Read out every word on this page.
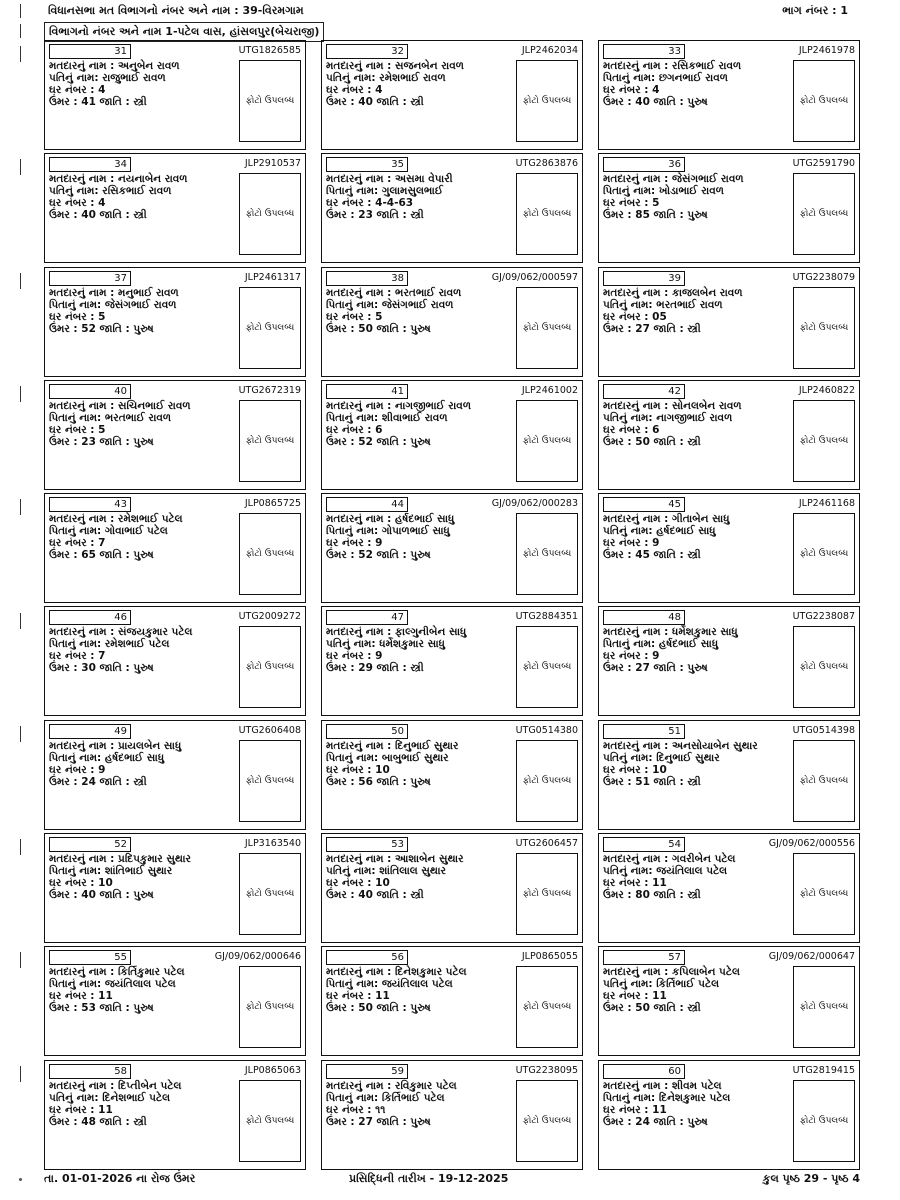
વિધાનસભા મત વિભાગનો નંબર અને નામ : 39-વિરમગામ	ભાગ નંબર : 1
વિભાગનો નંબર અને નામ 1-પટેલ વાસ, હાંસલપુર(બેચરાજી)
31	UTG1826585
મતદારનું નામ : અનુબેન રાવળ
પતિનું નામ: રાજુભાઈ રાવળ
ઘર નંબર : 4
ઉંમર : 41 જાતિ : સ્ત્રી	ફોટો ઉપલબ્ધ
32	JLP2462034
મતદારનું નામ : સજનબેન રાવળ
પતિનું નામ: રમેશભાઈ રાવળ
ઘર નંબર : 4
ઉંમર : 40 જાતિ : સ્ત્રી	ફોટો ઉપલબ્ધ
33	JLP2461978
મતદારનું નામ : રસિકભાઈ રાવળ
પિતાનું નામ: છગનભાઈ રાવળ
ઘર નંબર : 4
ઉંમર : 40 જાતિ : પુરુષ	ફોટો ઉપલબ્ધ
34	JLP2910537
મતદારનું નામ : નયનાબેન રાવળ
પતિનું નામ: રસિકભાઈ રાવળ
ઘર નંબર : 4
ઉંમર : 40 જાતિ : સ્ત્રી	ફોટો ઉપલબ્ધ
35	UTG2863876
મતદારનું નામ : અસમા વેપારી
પિતાનું નામ: ગુલામસુલભાઈ
ઘર નંબર : 4-4-63
ઉંમર : 23 જાતિ : સ્ત્રી	ફોટો ઉપલબ્ધ
36	UTG2591790
મતદારનું નામ : જેસંગભાઈ રાવળ
પિતાનું નામ: ખોડાભાઈ રાવળ
ઘર નંબર : 5
ઉંમર : 85 જાતિ : પુરુષ	ફોટો ઉપલબ્ધ
37	JLP2461317
મતદારનું નામ : મનુભાઈ રાવળ
પિતાનું નામ: જેસંગભાઈ રાવળ
ઘર નંબર : 5
ઉંમર : 52 જાતિ : પુરુષ	ફોટો ઉપલબ્ધ
38	GJ/09/062/000597
મતદારનું નામ : ભરતભાઈ રાવળ
પિતાનું નામ: જેસંગભાઈ રાવળ
ઘર નંબર : 5
ઉંમર : 50 જાતિ : પુરુષ	ફોટો ઉપલબ્ધ
39	UTG2238079
મતદારનું નામ : કાજલબેન રાવળ
પતિનું નામ: ભરતભાઈ રાવળ
ઘર નંબર : 05
ઉંમર : 27 જાતિ : સ્ત્રી	ફોટો ઉપલબ્ધ
40	UTG2672319
મતદારનું નામ : સચિનભાઈ રાવળ
પિતાનું નામ: ભરતભાઈ રાવળ
ઘર નંબર : 5
ઉંમર : 23 જાતિ : પુરુષ	ફોટો ઉપલબ્ધ
41	JLP2461002
મતદારનું નામ : નાગજીભાઈ રાવળ
પિતાનું નામ: શીવાભાઈ રાવળ
ઘર નંબર : 6
ઉંમર : 52 જાતિ : પુરુષ	ફોટો ઉપલબ્ધ
42	JLP2460822
મતદારનું નામ : સોનલબેન રાવળ
પતિનું નામ: નાગજીભાઈ રાવળ
ઘર નંબર : 6
ઉંમર : 50 જાતિ : સ્ત્રી	ફોટો ઉપલબ્ધ
43	JLP0865725
મતદારનું નામ : રમેશભાઈ પટેલ
પિતાનું નામ: ગોવાભાઈ પટેલ
ઘર નંબર : 7
ઉંમર : 65 જાતિ : પુરુષ	ફોટો ઉપલબ્ધ
44	GJ/09/062/000283
મતદારનું નામ : હર્ષદભાઈ સાધુ
પિતાનું નામ: ગોપાળભાઈ સાધુ
ઘર નંબર : 9
ઉંમર : 52 જાતિ : પુરુષ	ફોટો ઉપલબ્ધ
45	JLP2461168
મતદારનું નામ : ગીતાબેન સાધુ
પતિનું નામ: હર્ષદભાઈ સાધુ
ઘર નંબર : 9
ઉંમર : 45 જાતિ : સ્ત્રી	ફોટો ઉપલબ્ધ
46	UTG2009272
મતદારનું નામ : સંજયકુમાર પટેલ
પિતાનું નામ: રમેશભાઈ પટેલ
ઘર નંબર : 7
ઉંમર : 30 જાતિ : પુરુષ	ફોટો ઉપલબ્ધ
47	UTG2884351
મતદારનું નામ : ફાલ્ગુનીબેન સાધુ
પતિનું નામ: ધર્મેશકુમાર સાધુ
ઘર નંબર : 9
ઉંમર : 29 જાતિ : સ્ત્રી	ફોટો ઉપલબ્ધ
48	UTG2238087
મતદારનું નામ : ધર્મેશકુમાર સાધુ
પિતાનું નામ: હર્ષદભાઈ સાધુ
ઘર નંબર : 9
ઉંમર : 27 જાતિ : પુરુષ	ફોટો ઉપલબ્ધ
49	UTG2606408
મતદારનું નામ : પ્રાયલબેન સાધુ
પિતાનું નામ: હર્ષદભાઈ સાધુ
ઘર નંબર : 9
ઉંમર : 24 જાતિ : સ્ત્રી	ફોટો ઉપલબ્ધ
50	UTG0514380
મતદારનું નામ : દિનુભાઈ સુથાર
પિતાનું નામ: બાબુભાઈ સુથાર
ઘર નંબર : 10
ઉંમર : 56 જાતિ : પુરુષ	ફોટો ઉપલબ્ધ
51	UTG0514398
મતદારનું નામ : અનસોયાબેન સુથાર
પતિનું નામ: દિનુભાઈ સુથાર
ઘર નંબર : 10
ઉંમર : 51 જાતિ : સ્ત્રી	ફોટો ઉપલબ્ધ
52	JLP3163540
મતદારનું નામ : પ્રદિપકુમાર સુથાર
પિતાનું નામ: શાંતિભાઈ સુથાર
ઘર નંબર : 10
ઉંમર : 40 જાતિ : પુરુષ	ફોટો ઉપલબ્ધ
53	UTG2606457
મતદારનું નામ : આશાબેન સુથાર
પતિનું નામ: શાંતિલાલ સુથાર
ઘર નંબર : 10
ઉંમર : 40 જાતિ : સ્ત્રી	ફોટો ઉપલબ્ધ
54	GJ/09/062/000556
મતદારનું નામ : ગવરીબેન પટેલ
પતિનું નામ: જયંતિલાલ પટેલ
ઘર નંબર : 11
ઉંમર : 80 જાતિ : સ્ત્રી	ફોટો ઉપલબ્ધ
55	GJ/09/062/000646
મતદારનું નામ : કિર્તિકુમાર પટેલ
પિતાનું નામ: જયંતિલાલ પટેલ
ઘર નંબર : 11
ઉંમર : 53 જાતિ : પુરુષ	ફોટો ઉપલબ્ધ
56	JLP0865055
મતદારનું નામ : દિનેશકુમાર પટેલ
પિતાનું નામ: જયંતિલાલ પટેલ
ઘર નંબર : 11
ઉંમર : 50 જાતિ : પુરુષ	ફોટો ઉપલબ્ધ
57	GJ/09/062/000647
મતદારનું નામ : કપિલાબેન પટેલ
પતિનું નામ: કિર્તિભાઈ પટેલ
ઘર નંબર : 11
ઉંમર : 50 જાતિ : સ્ત્રી	ફોટો ઉપલબ્ધ
58	JLP0865063
મતદારનું નામ : દિપ્તીબેન પટેલ
પતિનું નામ: દિનેશભાઈ પટેલ
ઘર નંબર : 11
ઉંમર : 48 જાતિ : સ્ત્રી	ફોટો ઉપલબ્ધ
59	UTG2238095
મતદારનું નામ : રવિકુમાર પટેલ
પિતાનું નામ: કિર્તિભાઈ પટેલ
ઘર નંબર : ૧૧
ઉંમર : 27 જાતિ : પુરુષ	ફોટો ઉપલબ્ધ
60	UTG2819415
મતદારનું નામ : શીવમ પટેલ
પિતાનું નામ: દિનેશકુમાર પટેલ
ઘર નંબર : 11
ઉંમર : 24 જાતિ : પુરુષ	ફોટો ઉપલબ્ધ
તા. 01-01-2026 ના રોજ ઉંમર	પ્રસિદ્ધિની તારીખ - 19-12-2025	કુલ પૃષ્ઠ 29 - પૃષ્ઠ 4
